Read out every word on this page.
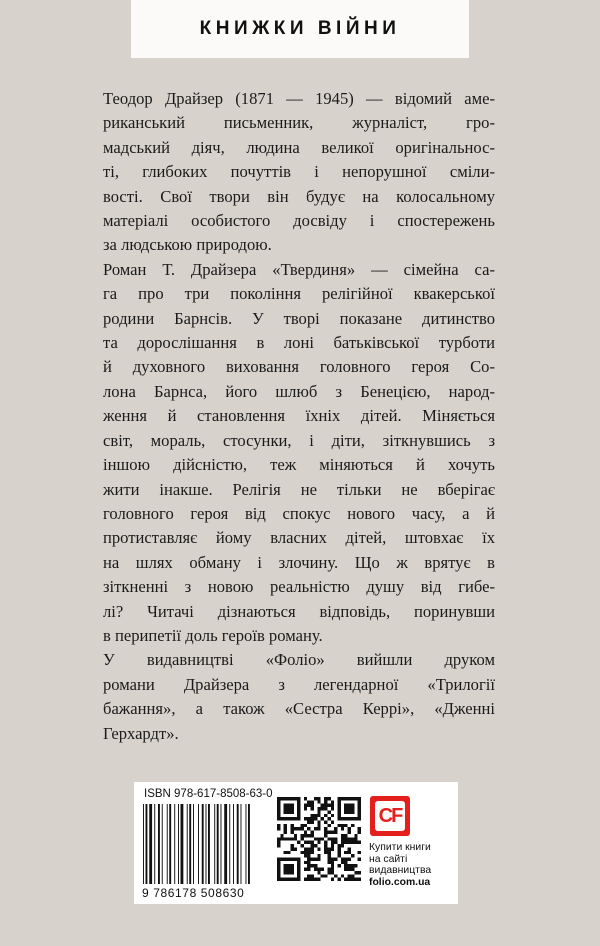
КНИЖКИ ВІЙНИ

Теодор Драйзер (1871 — 1945) — відомий аме-
риканський письменник, журналіст, гро-
мадський діяч, людина великої оригінальнос-
ті, глибоких почуттів і непорушної сміли-
вості. Свої твори він будує на колосальному
матеріалі особистого досвіду і спостережень
за людською природою.

Роман Т. Драйзера «Твердиня» — сімейна са-
га про три покоління релігійної квакерської
родини Барнсів. У творі показане дитинство
та дорослішання в лоні батьківської турботи
й духовного виховання головного героя Со-
лона Барнса, його шлюб з Бенецією, народ-
ження й становлення їхніх дітей. Міняється
світ, мораль, стосунки, і діти, зіткнувшись з
іншою дійсністю, теж міняються й хочуть
жити інакше. Релігія не тільки не вберігає
головного героя від спокус нового часу, а й
протиставляє йому власних дітей, штовхає їх
на шлях обману і злочину. Що ж врятує в
зіткненні з новою реальністю душу від гибе-
лі? Читачі дізнаються відповідь, поринувши
в перипетії доль героїв роману.

У видавництві «Фоліо» вийшли друком
романи Драйзера з легендарної «Трилогії
бажання», а також «Сестра Керрі», «Дженні
Герхардт».

ISBN 978-617-8508-63-0
9 786178 508630
CF
Купити книги
на сайті
видавництва
folio.com.ua
